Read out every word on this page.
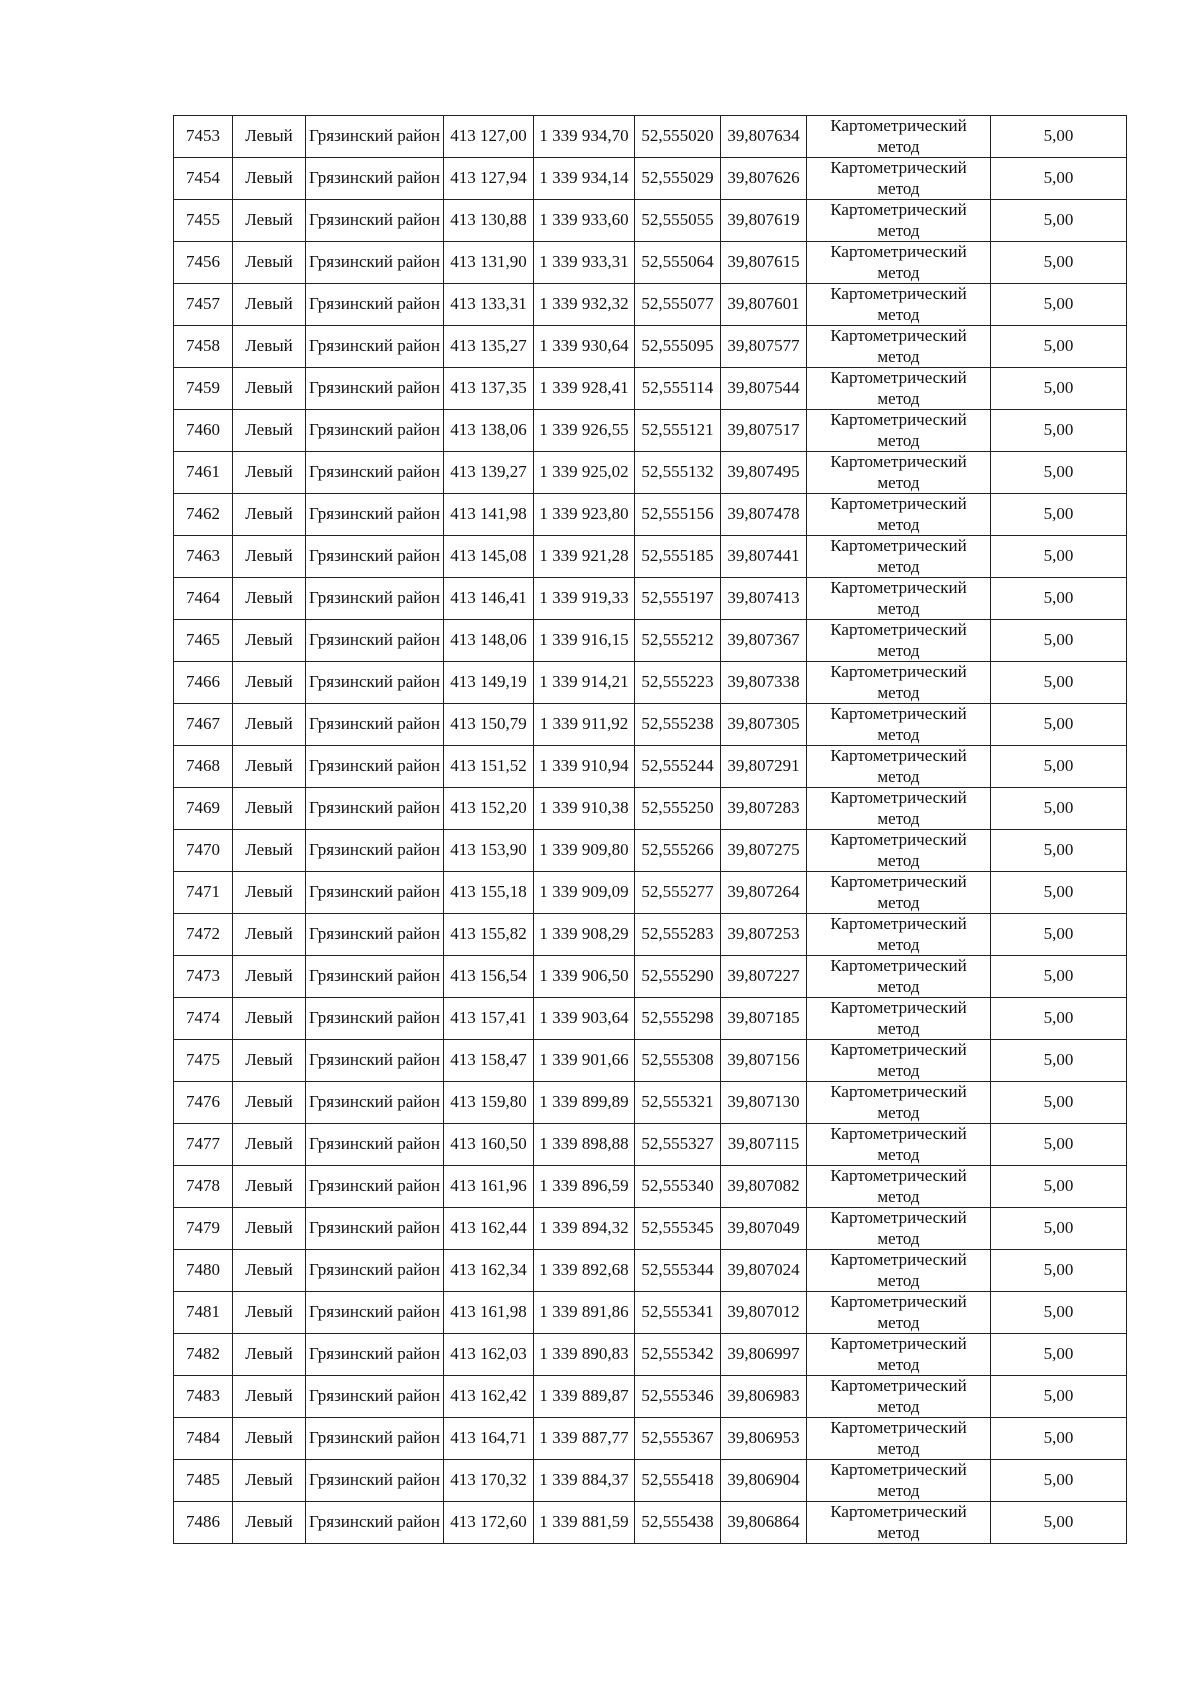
7453	Левый	Грязинский район	413 127,00	1 339 934,70	52,555020	39,807634	Картометрический метод	5,00
7454	Левый	Грязинский район	413 127,94	1 339 934,14	52,555029	39,807626	Картометрический метод	5,00
7455	Левый	Грязинский район	413 130,88	1 339 933,60	52,555055	39,807619	Картометрический метод	5,00
7456	Левый	Грязинский район	413 131,90	1 339 933,31	52,555064	39,807615	Картометрический метод	5,00
7457	Левый	Грязинский район	413 133,31	1 339 932,32	52,555077	39,807601	Картометрический метод	5,00
7458	Левый	Грязинский район	413 135,27	1 339 930,64	52,555095	39,807577	Картометрический метод	5,00
7459	Левый	Грязинский район	413 137,35	1 339 928,41	52,555114	39,807544	Картометрический метод	5,00
7460	Левый	Грязинский район	413 138,06	1 339 926,55	52,555121	39,807517	Картометрический метод	5,00
7461	Левый	Грязинский район	413 139,27	1 339 925,02	52,555132	39,807495	Картометрический метод	5,00
7462	Левый	Грязинский район	413 141,98	1 339 923,80	52,555156	39,807478	Картометрический метод	5,00
7463	Левый	Грязинский район	413 145,08	1 339 921,28	52,555185	39,807441	Картометрический метод	5,00
7464	Левый	Грязинский район	413 146,41	1 339 919,33	52,555197	39,807413	Картометрический метод	5,00
7465	Левый	Грязинский район	413 148,06	1 339 916,15	52,555212	39,807367	Картометрический метод	5,00
7466	Левый	Грязинский район	413 149,19	1 339 914,21	52,555223	39,807338	Картометрический метод	5,00
7467	Левый	Грязинский район	413 150,79	1 339 911,92	52,555238	39,807305	Картометрический метод	5,00
7468	Левый	Грязинский район	413 151,52	1 339 910,94	52,555244	39,807291	Картометрический метод	5,00
7469	Левый	Грязинский район	413 152,20	1 339 910,38	52,555250	39,807283	Картометрический метод	5,00
7470	Левый	Грязинский район	413 153,90	1 339 909,80	52,555266	39,807275	Картометрический метод	5,00
7471	Левый	Грязинский район	413 155,18	1 339 909,09	52,555277	39,807264	Картометрический метод	5,00
7472	Левый	Грязинский район	413 155,82	1 339 908,29	52,555283	39,807253	Картометрический метод	5,00
7473	Левый	Грязинский район	413 156,54	1 339 906,50	52,555290	39,807227	Картометрический метод	5,00
7474	Левый	Грязинский район	413 157,41	1 339 903,64	52,555298	39,807185	Картометрический метод	5,00
7475	Левый	Грязинский район	413 158,47	1 339 901,66	52,555308	39,807156	Картометрический метод	5,00
7476	Левый	Грязинский район	413 159,80	1 339 899,89	52,555321	39,807130	Картометрический метод	5,00
7477	Левый	Грязинский район	413 160,50	1 339 898,88	52,555327	39,807115	Картометрический метод	5,00
7478	Левый	Грязинский район	413 161,96	1 339 896,59	52,555340	39,807082	Картометрический метод	5,00
7479	Левый	Грязинский район	413 162,44	1 339 894,32	52,555345	39,807049	Картометрический метод	5,00
7480	Левый	Грязинский район	413 162,34	1 339 892,68	52,555344	39,807024	Картометрический метод	5,00
7481	Левый	Грязинский район	413 161,98	1 339 891,86	52,555341	39,807012	Картометрический метод	5,00
7482	Левый	Грязинский район	413 162,03	1 339 890,83	52,555342	39,806997	Картометрический метод	5,00
7483	Левый	Грязинский район	413 162,42	1 339 889,87	52,555346	39,806983	Картометрический метод	5,00
7484	Левый	Грязинский район	413 164,71	1 339 887,77	52,555367	39,806953	Картометрический метод	5,00
7485	Левый	Грязинский район	413 170,32	1 339 884,37	52,555418	39,806904	Картометрический метод	5,00
7486	Левый	Грязинский район	413 172,60	1 339 881,59	52,555438	39,806864	Картометрический метод	5,00
